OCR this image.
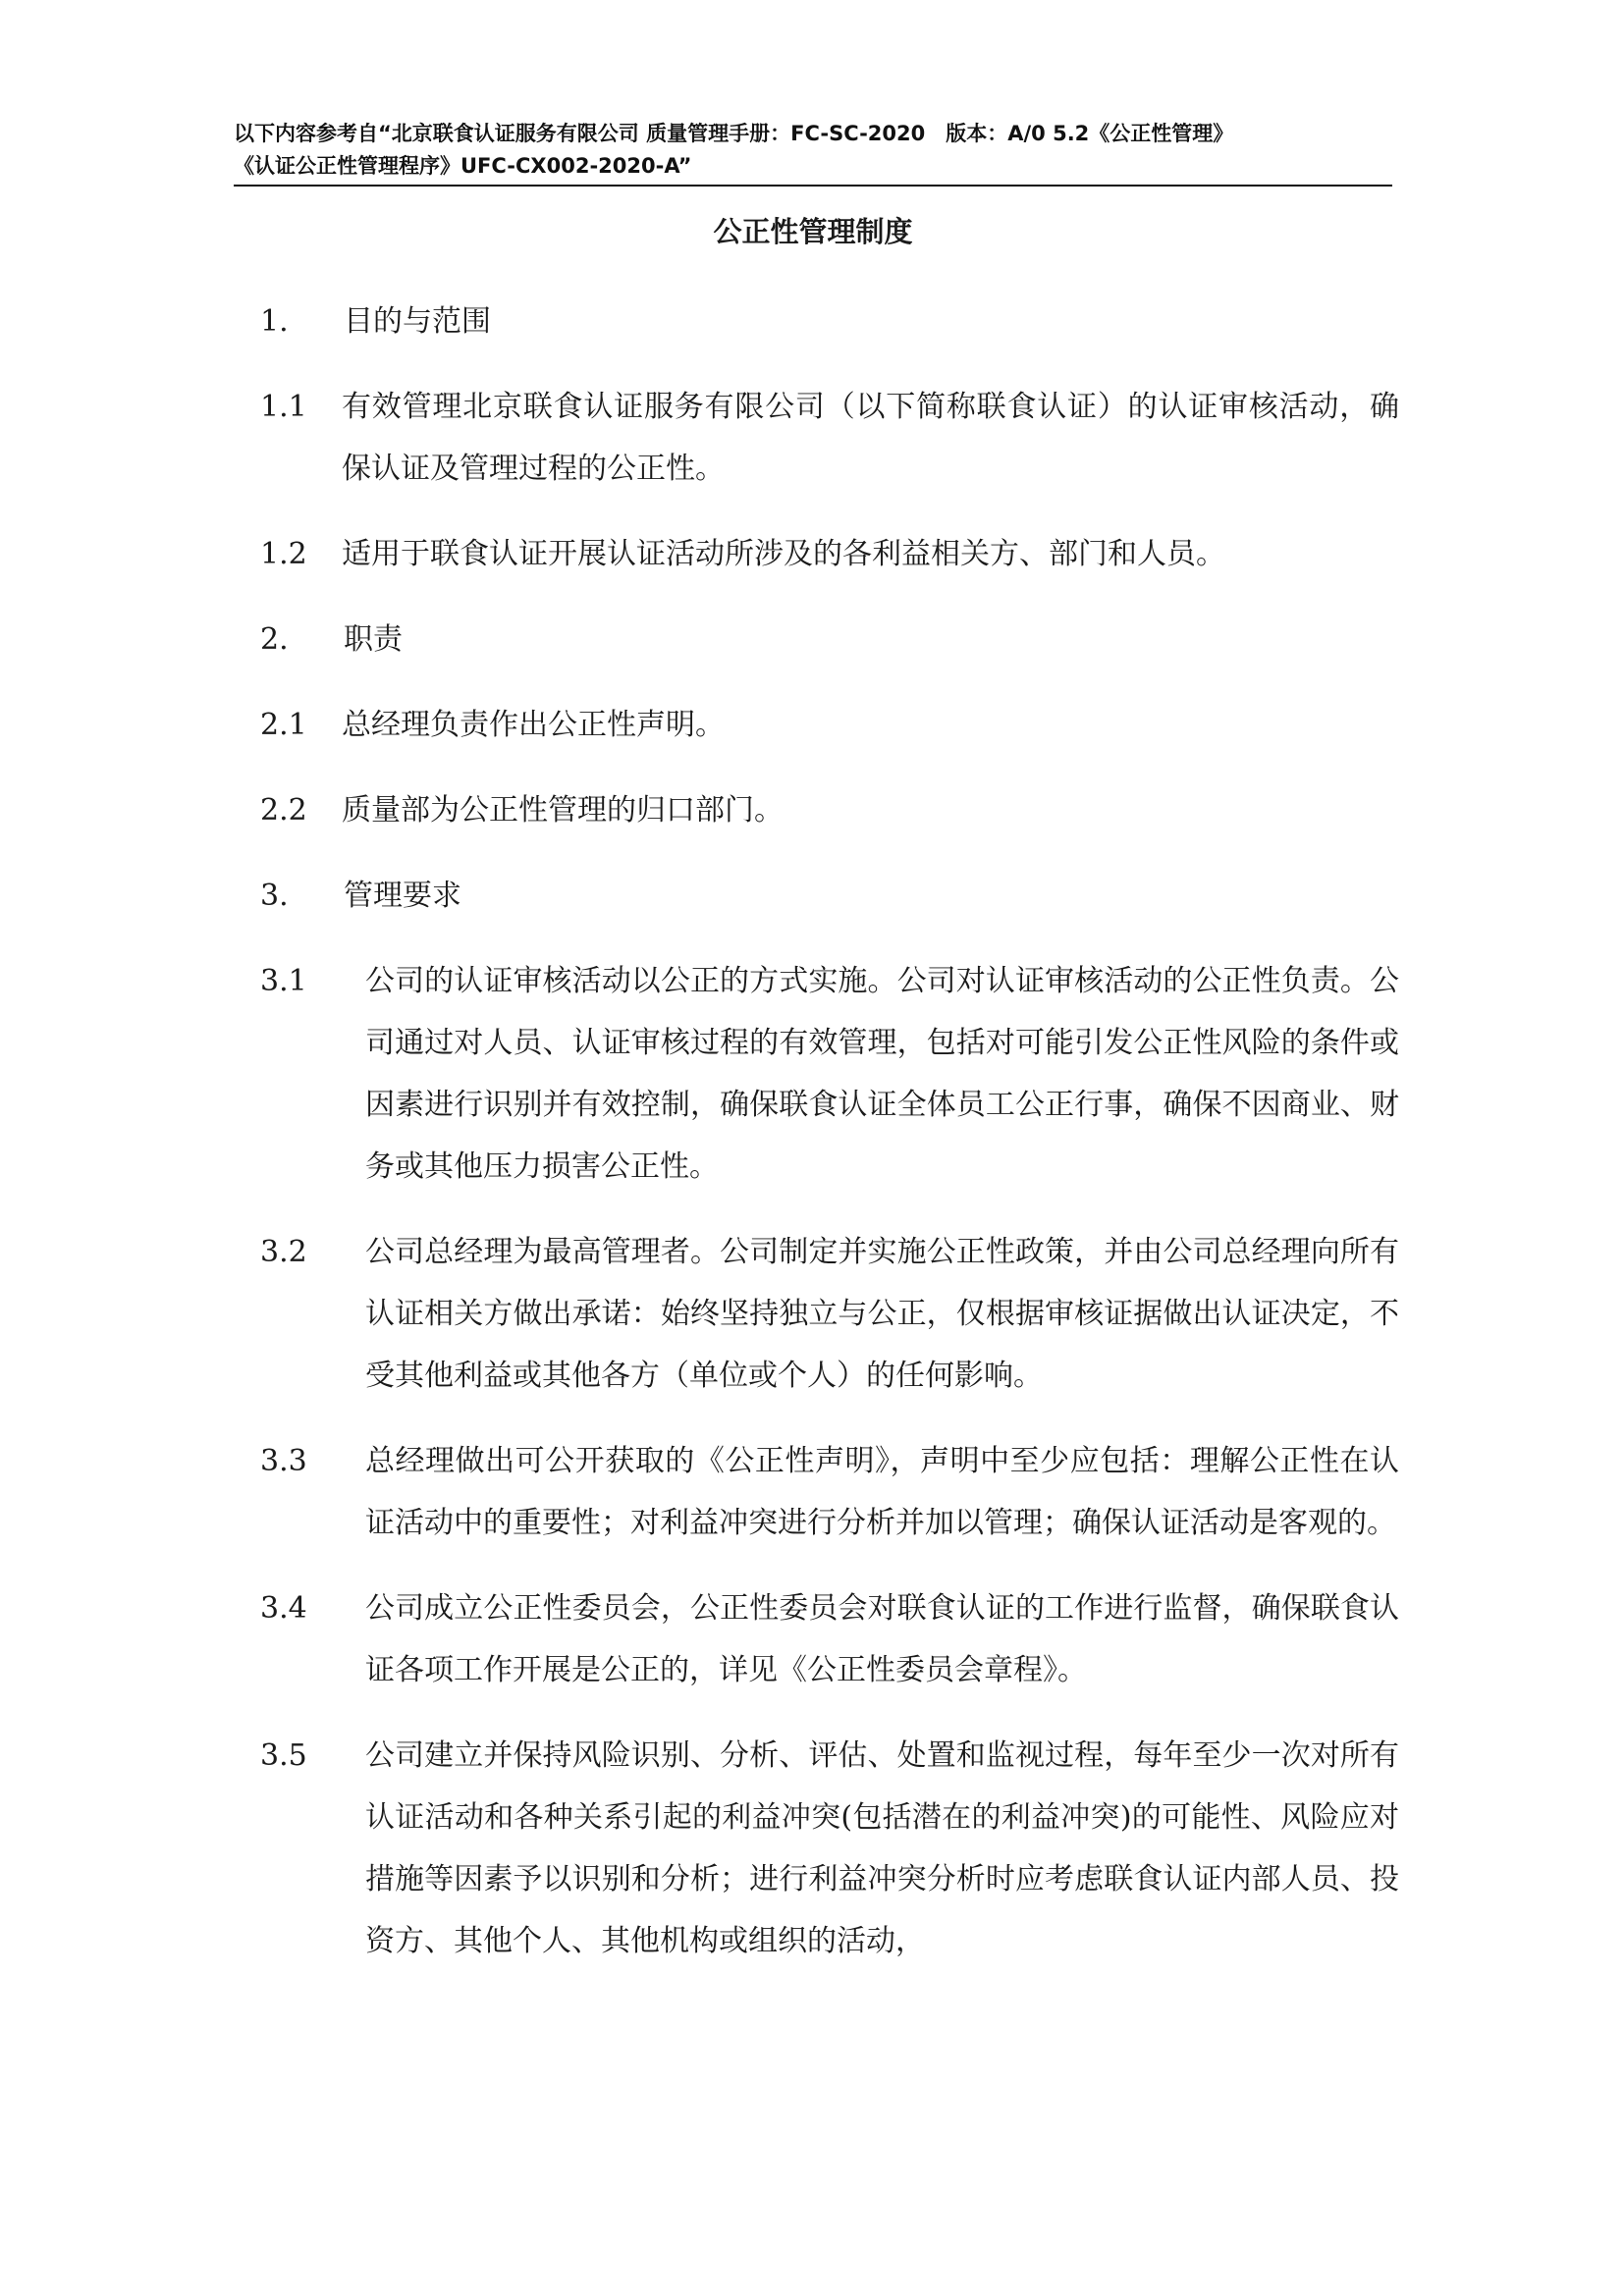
以下内容参考自“北京联食认证服务有限公司 质量管理手册：FC-SC-2020　版本：A/0 5.2《公正性管理》
《认证公正性管理程序》UFC-CX002-2020-A”
公正性管理制度
1.	目的与范围
1.1	有效管理北京联食认证服务有限公司（以下简称联食认证）的认证审核活动，确保认证及管理过程的公正性。
1.2	适用于联食认证开展认证活动所涉及的各利益相关方、部门和人员。
2.	职责
2.1	总经理负责作出公正性声明。
2.2	质量部为公正性管理的归口部门。
3.	管理要求
3.1	公司的认证审核活动以公正的方式实施。公司对认证审核活动的公正性负责。公司通过对人员、认证审核过程的有效管理，包括对可能引发公正性风险的条件或因素进行识别并有效控制，确保联食认证全体员工公正行事，确保不因商业、财务或其他压力损害公正性。
3.2	公司总经理为最高管理者。公司制定并实施公正性政策，并由公司总经理向所有认证相关方做出承诺：始终坚持独立与公正，仅根据审核证据做出认证决定，不受其他利益或其他各方（单位或个人）的任何影响。
3.3	总经理做出可公开获取的《公正性声明》，声明中至少应包括：理解公正性在认证活动中的重要性；对利益冲突进行分析并加以管理；确保认证活动是客观的。
3.4	公司成立公正性委员会，公正性委员会对联食认证的工作进行监督，确保联食认证各项工作开展是公正的，详见《公正性委员会章程》。
3.5	公司建立并保持风险识别、分析、评估、处置和监视过程，每年至少一次对所有认证活动和各种关系引起的利益冲突(包括潜在的利益冲突)的可能性、风险应对措施等因素予以识别和分析；进行利益冲突分析时应考虑联食认证内部人员、投资方、其他个人、其他机构或组织的活动，
